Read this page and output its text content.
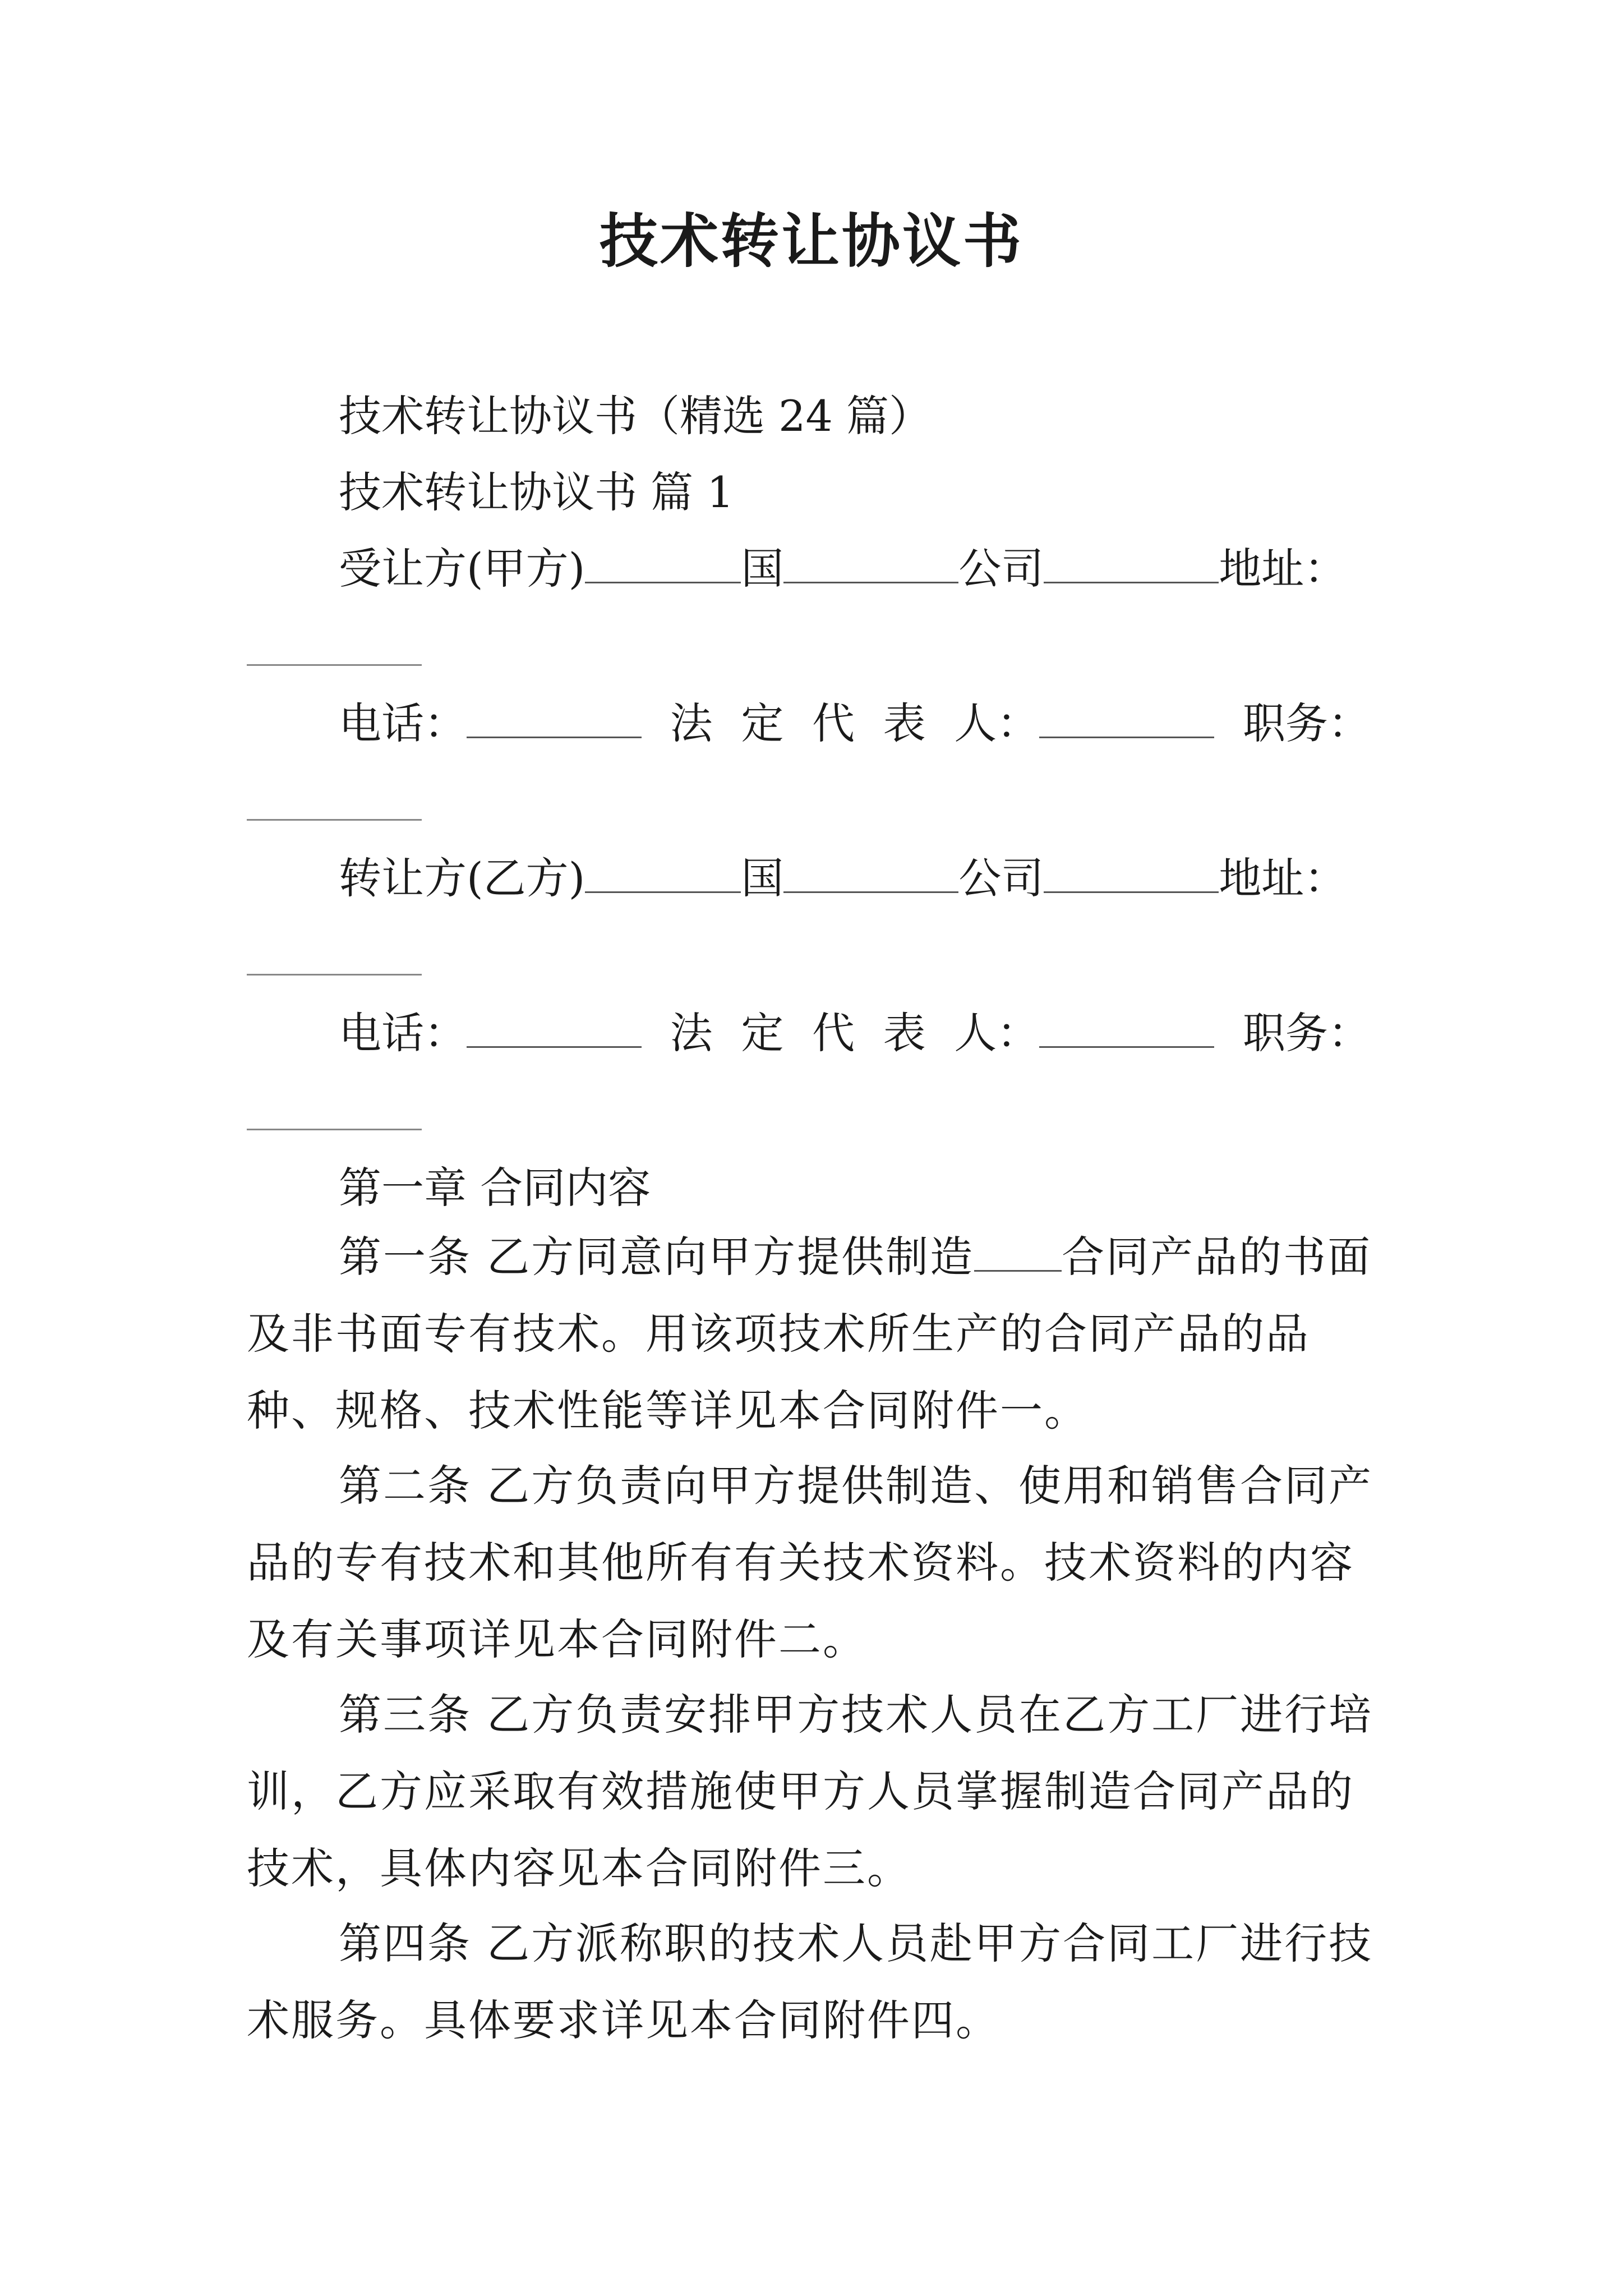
技术转让协议书
技术转让协议书（精选 24 篇）
技术转让协议书 篇 1
受让方(甲方)	国	公司	地址：
电话：	法 定 代 表 人：	职务：
转让方(乙方)	国	公司	地址：
电话：	法 定 代 表 人：	职务：
第一章 合同内容
第一条 乙方同意向甲方提供制造 合同产品的书面及非书面专有技术。用该项技术所生产的合同产品的品种、规格、技术性能等详见本合同附件一。
第二条 乙方负责向甲方提供制造、使用和销售合同产品的专有技术和其他所有有关技术资料。技术资料的内容及有关事项详见本合同附件二。
第三条 乙方负责安排甲方技术人员在乙方工厂进行培训，乙方应采取有效措施使甲方人员掌握制造合同产品的技术，具体内容见本合同附件三。
第四条 乙方派称职的技术人员赴甲方合同工厂进行技术服务。具体要求详见本合同附件四。
